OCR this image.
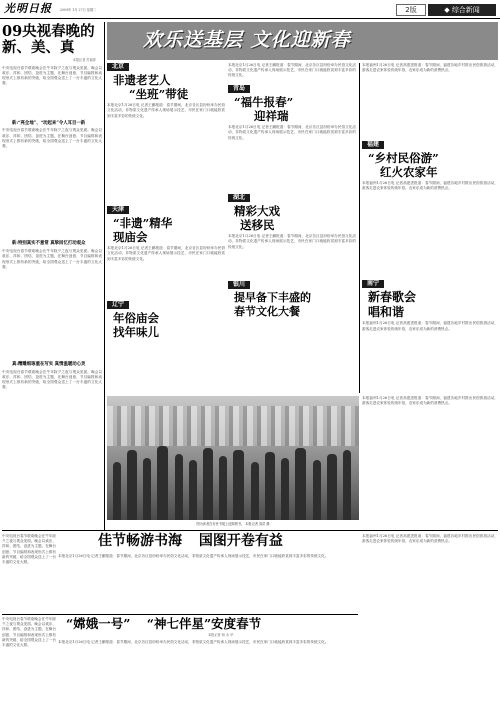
光明日报	2009年 1月 27日 星期二	2版	◆ 综合新闻
09央视春晚的
新、美、真
本报记者 苏丽萍
中央电视台春节联欢晚会在牛年除夕之夜与观众见面。晚会以欢乐、祥和、团结、奋进为主题，在舞台创意、节目编排和表现形式上都有新的突破，给全国观众送上了一台丰盛的文化大餐。
新:“亮全地”、“动起来”令人耳目一新
中央电视台春节联欢晚会在牛年除夕之夜与观众见面。晚会以欢乐、祥和、团结、奋进为主题，在舞台创意、节目编排和表现形式上都有新的突破，给全国观众送上了一台丰盛的文化大餐。
新:特别真实不意常 真挚回忆打动观众
中央电视台春节联欢晚会在牛年除夕之夜与观众见面。晚会以欢乐、祥和、团结、奋进为主题，在舞台创意、节目编排和表现形式上都有新的突破，给全国观众送上了一台丰盛的文化大餐。
真:精雕细琢重在写实 真情温暖动心灵
中央电视台春节联欢晚会在牛年除夕之夜与观众见面。晚会以欢乐、祥和、团结、奋进为主题，在舞台创意、节目编排和表现形式上都有新的突破，给全国观众送上了一台丰盛的文化大餐。
欢乐送基层 文化迎新春
北京
非遗老艺人
“坐班”带徒
本报北京1月26日电 记者王鹏报道：春节期间，北京各区县纷纷举办民俗文化活动，非物质文化遗产传承人现场展示技艺，市民在家门口就能欣赏到丰富多彩的传统文化。
天津
“非遗”精华
现庙会
本报北京1月26日电 记者王鹏报道：春节期间，北京各区县纷纷举办民俗文化活动，非物质文化遗产传承人现场展示技艺，市民在家门口就能欣赏到丰富多彩的传统文化。
辽宁
年俗庙会
找年味儿
本报北京1月26日电 记者王鹏报道：春节期间，北京各区县纷纷举办民俗文化活动，非物质文化遗产传承人现场展示技艺，市民在家门口就能欣赏到丰富多彩的传统文化。
青岛
“福牛报春”
迎祥瑞
本报北京1月26日电 记者王鹏报道：春节期间，北京各区县纷纷举办民俗文化活动，非物质文化遗产传承人现场展示技艺，市民在家门口就能欣赏到丰富多彩的传统文化。
湖北
精彩大戏
送移民
本报北京1月26日电 记者王鹏报道：春节期间，北京各区县纷纷举办民俗文化活动，非物质文化遗产传承人现场展示技艺，市民在家门口就能欣赏到丰富多彩的传统文化。
银川
提早备下丰盛的
春节文化大餐
本报福州1月26日电 记者高建进报道：春节期间，福建各地乡村推出民俗旅游活动，游客走进农家体验传统年俗，农家乐成为新的消费热点。
福建
“乡村民俗游”
红火农家年
本报福州1月26日电 记者高建进报道：春节期间，福建各地乡村推出民俗旅游活动，游客走进农家体验传统年俗，农家乐成为新的消费热点。
南宁
新春歌会
唱和谐
本报福州1月26日电 记者高建进报道：春节期间，福建各地乡村推出民俗旅游活动，游客走进农家体验传统年俗，农家乐成为新的消费热点。
图为读者在市民书展上选购图书。 本报记者 高洪 摄
本报福州1月26日电 记者高建进报道：春节期间，福建各地乡村推出民俗旅游活动，游客走进农家体验传统年俗，农家乐成为新的消费热点。
中央电视台春节联欢晚会在牛年除夕之夜与观众见面。晚会以欢乐、祥和、团结、奋进为主题，在舞台创意、节目编排和表现形式上都有新的突破，给全国观众送上了一台丰盛的文化大餐。
佳节畅游书海 国图开卷有益
本报北京1月26日电 记者王鹏报道：春节期间，北京各区县纷纷举办民俗文化活动，非物质文化遗产传承人现场展示技艺，市民在家门口就能欣赏到丰富多彩的传统文化。
本报福州1月26日电 记者高建进报道：春节期间，福建各地乡村推出民俗旅游活动，游客走进农家体验传统年俗，农家乐成为新的消费热点。
中央电视台春节联欢晚会在牛年除夕之夜与观众见面。晚会以欢乐、祥和、团结、奋进为主题，在舞台创意、节目编排和表现形式上都有新的突破，给全国观众送上了一台丰盛的文化大餐。
“嫦娥一号” “神七伴星”安度春节
本报记者 杨 永 华
本报北京1月26日电 记者王鹏报道：春节期间，北京各区县纷纷举办民俗文化活动，非物质文化遗产传承人现场展示技艺，市民在家门口就能欣赏到丰富多彩的传统文化。
